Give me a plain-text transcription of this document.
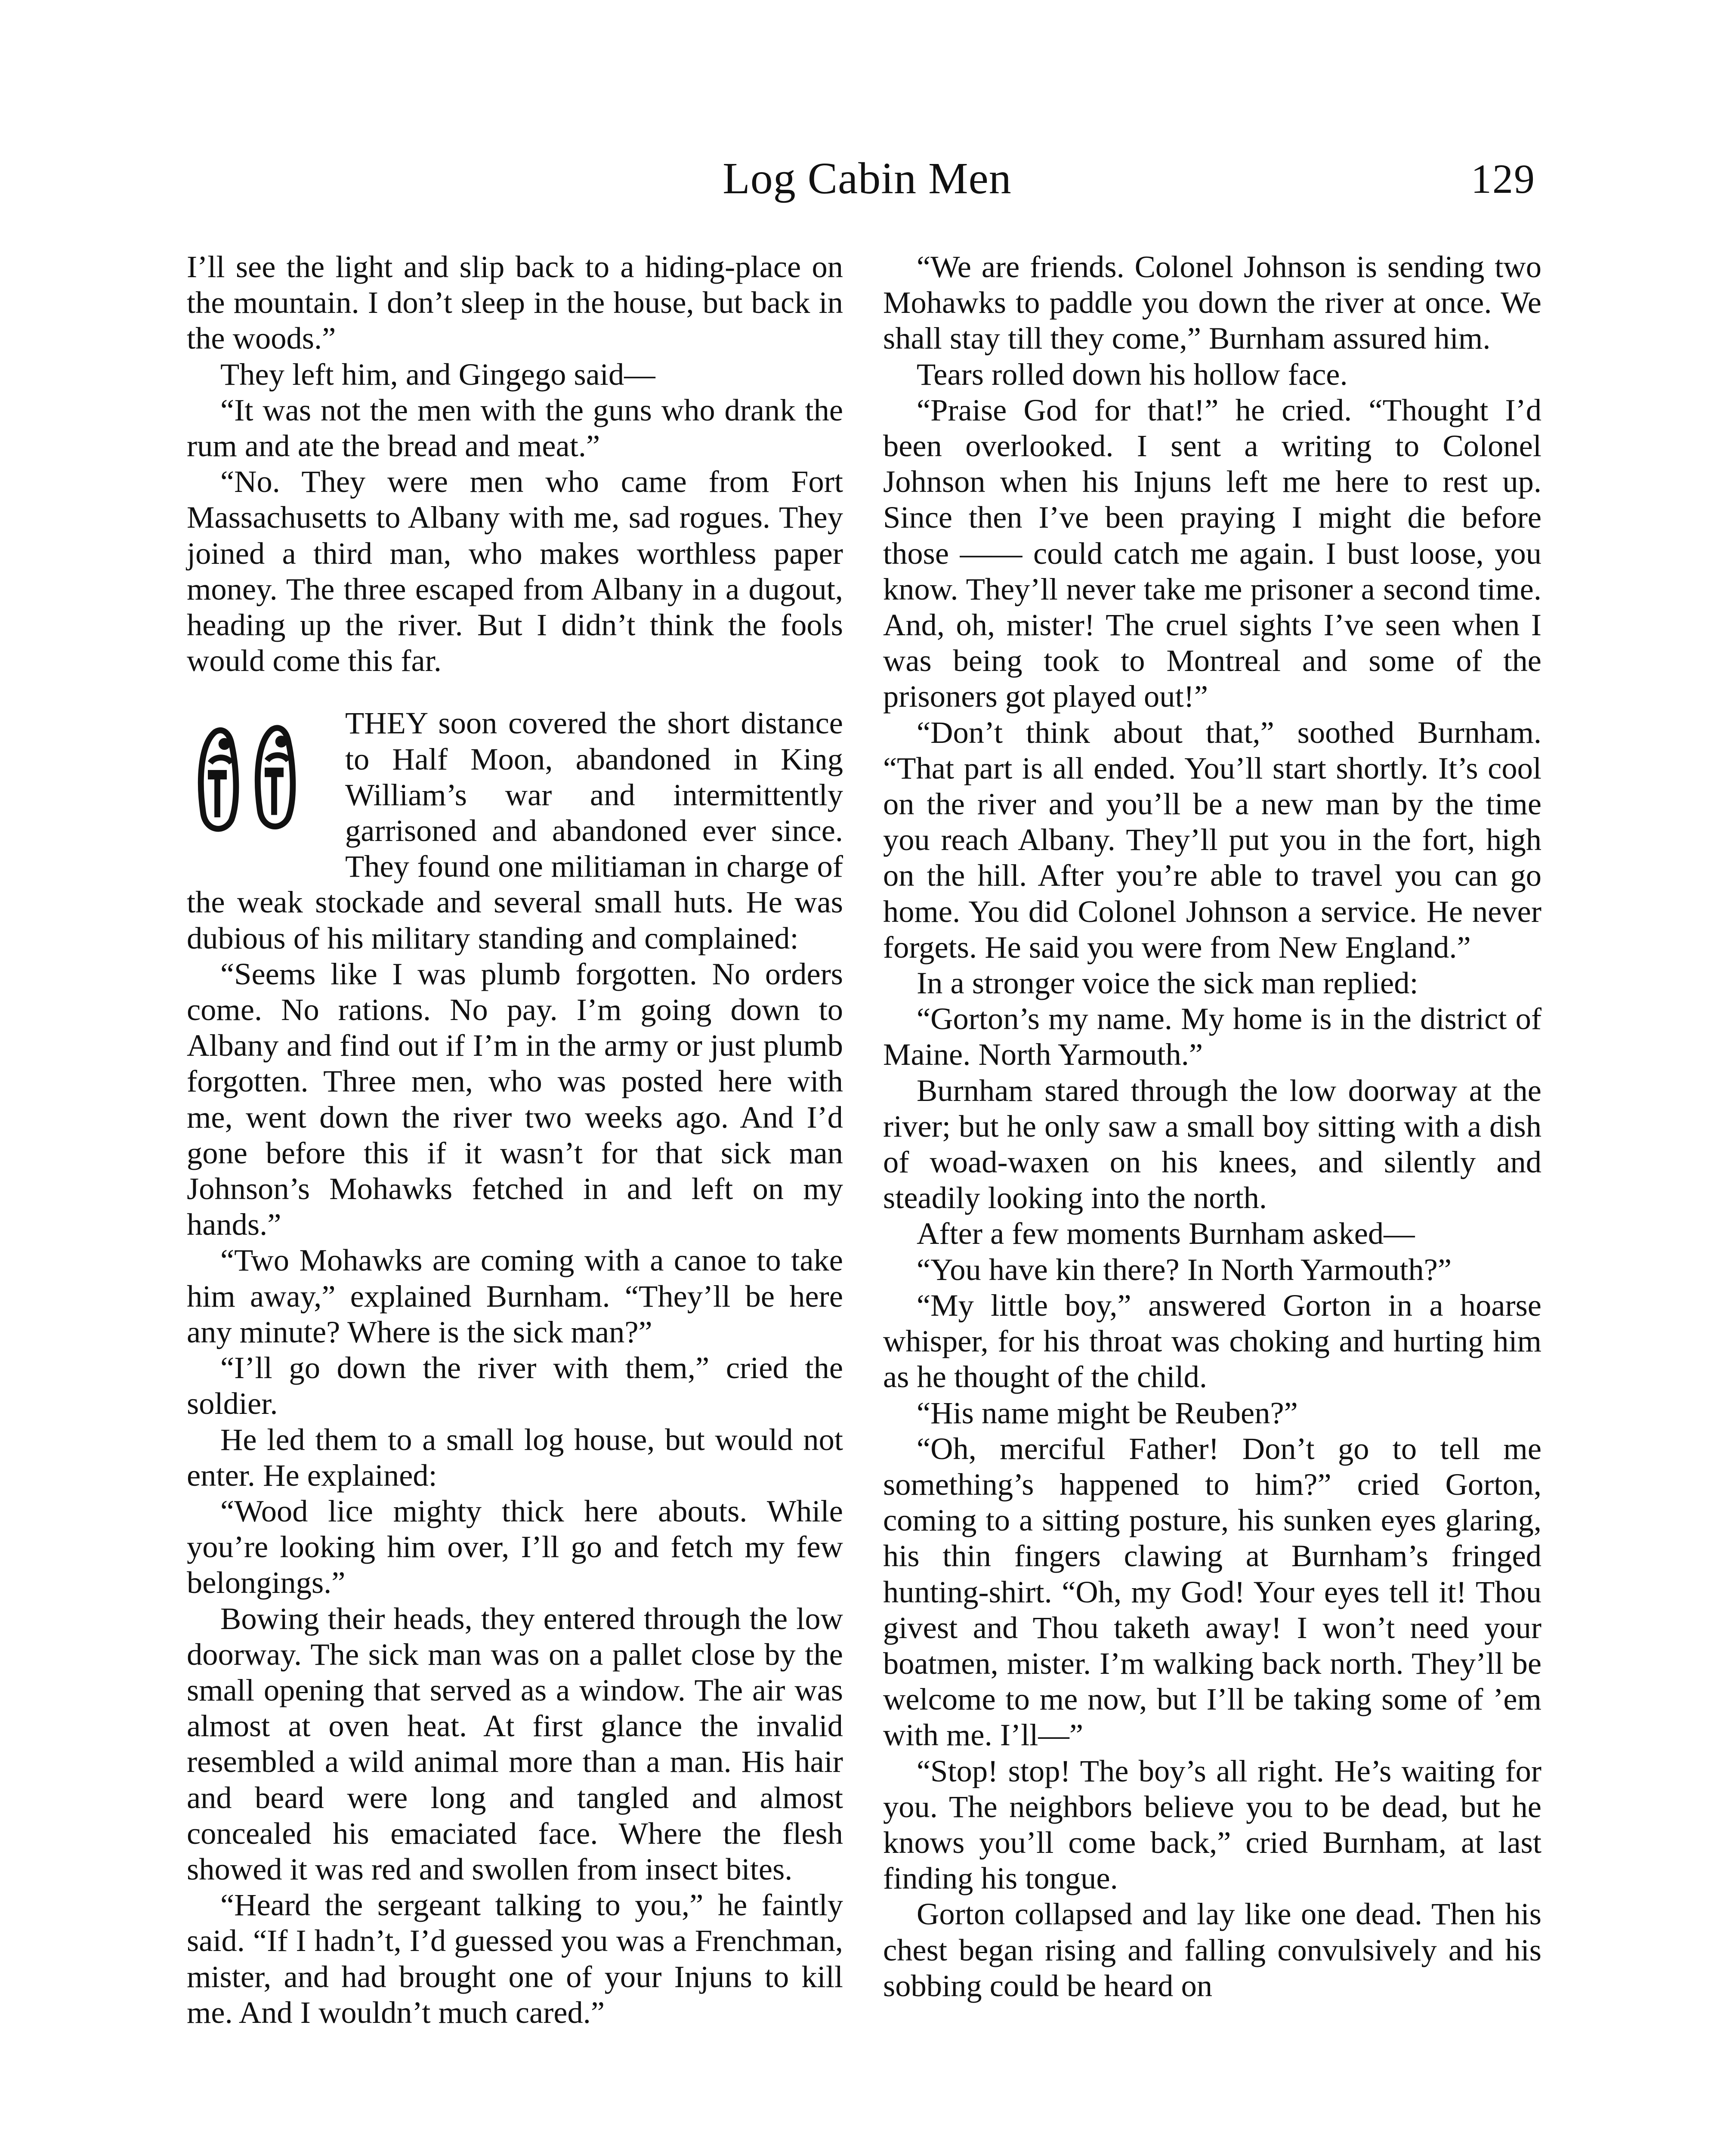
Log Cabin Men	129

I’ll see the light and slip back to a hiding-place on the mountain. I don’t sleep in the house, but back in the woods.”

They left him, and Gingego said—

“It was not the men with the guns who drank the rum and ate the bread and meat.”

“No. They were men who came from Fort Massachusetts to Albany with me, sad rogues. They joined a third man, who makes worthless paper money. The three escaped from Albany in a dugout, heading up the river. But I didn’t think the fools would come this far.

THEY soon covered the short distance to Half Moon, abandoned in King William’s war and intermittently garrisoned and abandoned ever since. They found one militiaman in charge of the weak stockade and several small huts. He was dubious of his military standing and complained:

“Seems like I was plumb forgotten. No orders come. No rations. No pay. I’m going down to Albany and find out if I’m in the army or just plumb forgotten. Three men, who was posted here with me, went down the river two weeks ago. And I’d gone before this if it wasn’t for that sick man Johnson’s Mohawks fetched in and left on my hands.”

“Two Mohawks are coming with a canoe to take him away,” explained Burnham. “They’ll be here any minute? Where is the sick man?”

“I’ll go down the river with them,” cried the soldier.

He led them to a small log house, but would not enter. He explained:

“Wood lice mighty thick here abouts. While you’re looking him over, I’ll go and fetch my few belongings.”

Bowing their heads, they entered through the low doorway. The sick man was on a pallet close by the small opening that served as a window. The air was almost at oven heat. At first glance the invalid resembled a wild animal more than a man. His hair and beard were long and tangled and almost concealed his emaciated face. Where the flesh showed it was red and swollen from insect bites.

“Heard the sergeant talking to you,” he faintly said. “If I hadn’t, I’d guessed you was a Frenchman, mister, and had brought one of your Injuns to kill me. And I wouldn’t much cared.”

“We are friends. Colonel Johnson is sending two Mohawks to paddle you down the river at once. We shall stay till they come,” Burnham assured him.

Tears rolled down his hollow face.

“Praise God for that!” he cried. “Thought I’d been overlooked. I sent a writing to Colonel Johnson when his Injuns left me here to rest up. Since then I’ve been praying I might die before those —— could catch me again. I bust loose, you know. They’ll never take me prisoner a second time. And, oh, mister! The cruel sights I’ve seen when I was being took to Montreal and some of the prisoners got played out!”

“Don’t think about that,” soothed Burnham. “That part is all ended. You’ll start shortly. It’s cool on the river and you’ll be a new man by the time you reach Albany. They’ll put you in the fort, high on the hill. After you’re able to travel you can go home. You did Colonel Johnson a service. He never forgets. He said you were from New England.”

In a stronger voice the sick man replied:

“Gorton’s my name. My home is in the district of Maine. North Yarmouth.”

Burnham stared through the low doorway at the river; but he only saw a small boy sitting with a dish of woad-waxen on his knees, and silently and steadily looking into the north.

After a few moments Burnham asked—

“You have kin there? In North Yarmouth?”

“My little boy,” answered Gorton in a hoarse whisper, for his throat was choking and hurting him as he thought of the child.

“His name might be Reuben?”

“Oh, merciful Father! Don’t go to tell me something’s happened to him?” cried Gorton, coming to a sitting posture, his sunken eyes glaring, his thin fingers clawing at Burnham’s fringed hunting-shirt. “Oh, my God! Your eyes tell it! Thou givest and Thou taketh away! I won’t need your boatmen, mister. I’m walking back north. They’ll be welcome to me now, but I’ll be taking some of ’em with me. I’ll—”

“Stop! stop! The boy’s all right. He’s waiting for you. The neighbors believe you to be dead, but he knows you’ll come back,” cried Burnham, at last finding his tongue.

Gorton collapsed and lay like one dead. Then his chest began rising and falling convulsively and his sobbing could be heard on
